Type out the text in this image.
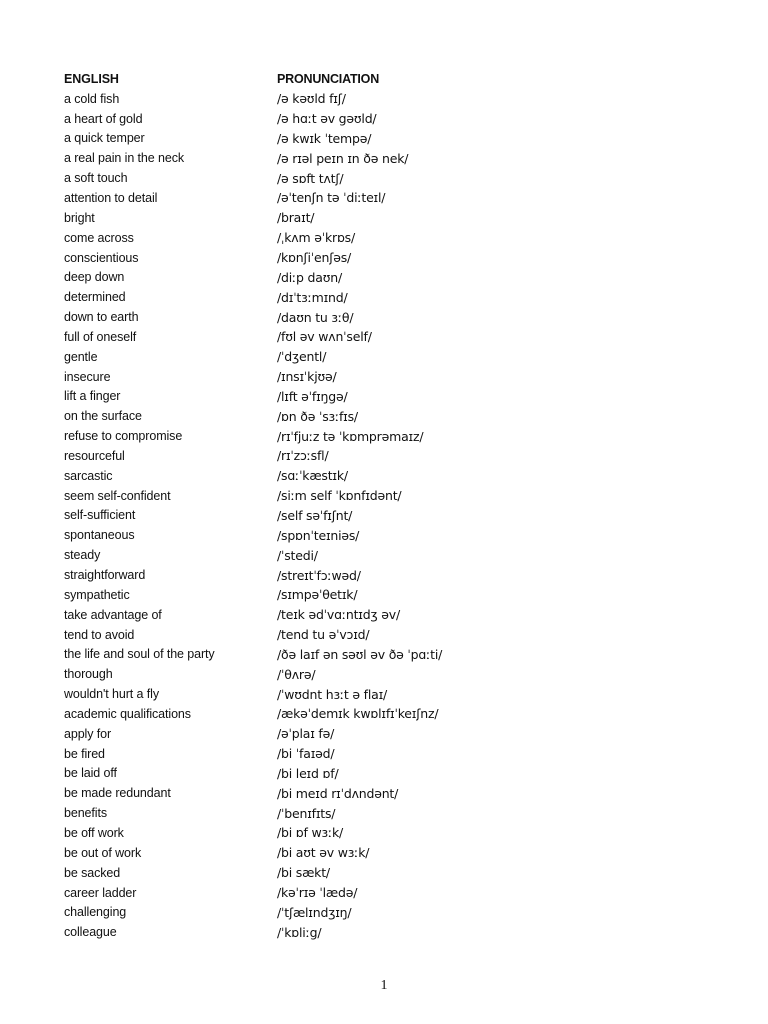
ENGLISH	PRONUNCIATION
a cold fish	/ə kəʊld fɪʃ/
a heart of gold	/ə hɑːt əv gəʊld/
a quick temper	/ə kwɪk ˈtempə/
a real pain in the neck	/ə rɪəl peɪn ɪn ðə nek/
a soft touch	/ə sɒft tʌtʃ/
attention to detail	/əˈtenʃn tə ˈdiːteɪl/
bright	/braɪt/
come across	/ˌkʌm əˈkrɒs/
conscientious	/kɒnʃiˈenʃəs/
deep down	/diːp daʊn/
determined	/dɪˈtɜːmɪnd/
down to earth	/daʊn tu ɜːθ/
full of oneself	/fʊl əv wʌnˈself/
gentle	/ˈdʒentl/
insecure	/ɪnsɪˈkjʊə/
lift a finger	/lɪft əˈfɪŋgə/
on the surface	/ɒn ðə ˈsɜːfɪs/
refuse to compromise	/rɪˈfjuːz tə ˈkɒmprəmaɪz/
resourceful	/rɪˈzɔːsfl/
sarcastic	/sɑːˈkæstɪk/
seem self-confident	/siːm self ˈkɒnfɪdənt/
self-sufficient	/self səˈfɪʃnt/
spontaneous	/spɒnˈteɪniəs/
steady	/ˈstedi/
straightforward	/streɪtˈfɔːwəd/
sympathetic	/sɪmpəˈθetɪk/
take advantage of	/teɪk ədˈvɑːntɪdʒ əv/
tend to avoid	/tend tu əˈvɔɪd/
the life and soul of the party	/ðə laɪf ən səʊl əv ðə ˈpɑːti/
thorough	/ˈθʌrə/
wouldn't hurt a fly	/ˈwʊdnt hɜːt ə flaɪ/
academic qualifications	/ækəˈdemɪk kwɒlɪfɪˈkeɪʃnz/
apply for	/əˈplaɪ fə/
be fired	/bi ˈfaɪəd/
be laid off	/bi leɪd ɒf/
be made redundant	/bi meɪd rɪˈdʌndənt/
benefits	/ˈbenɪfɪts/
be off work	/bi ɒf wɜːk/
be out of work	/bi aʊt əv wɜːk/
be sacked	/bi sækt/
career ladder	/kəˈrɪə ˈlædə/
challenging	/ˈtʃælɪndʒɪŋ/
colleague	/ˈkɒliːg/
1
